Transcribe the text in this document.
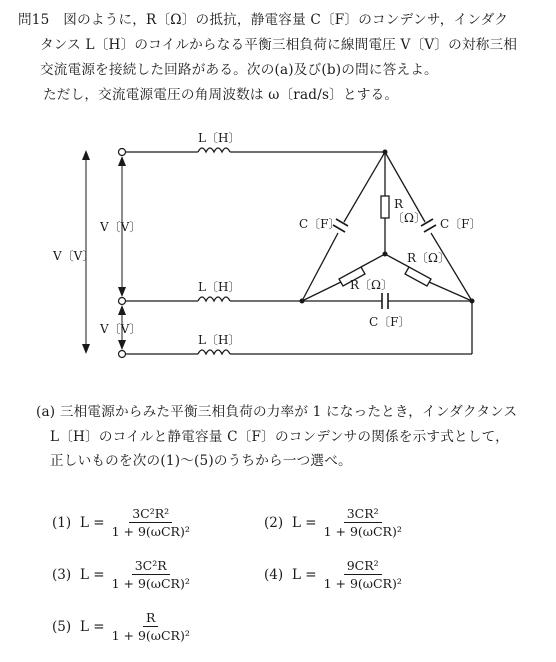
問15　図のように，R〔Ω〕の抵抗，静電容量 C〔F〕のコンデンサ，インダク
タンス L〔H〕のコイルからなる平衡三相負荷に線間電圧 V〔V〕の対称三相
交流電源を接続した回路がある。次の(a)及び(b)の問に答えよ。
ただし，交流電源電圧の角周波数は ω〔rad/s〕とする。
L〔H〕
L〔H〕
L〔H〕
V〔V〕
V〔V〕
V〔V〕
C〔F〕	C〔F〕
C〔F〕
R
〔Ω〕
R〔Ω〕
R〔Ω〕
(a) 三相電源からみた平衡三相負荷の力率が 1 になったとき，インダクタンス
L〔H〕のコイルと静電容量 C〔F〕のコンデンサの関係を示す式として，
正しいものを次の(1)～(5)のうちから一つ選べ。
(1) $L = \frac{\text{3C²R²}}{\text{1 + 9(ωCR)²}}$	(2) $L = \frac{\text{3CR²}}{\text{1 + 9(ωCR)²}}$
(3) $L = \frac{\text{3C²R}}{\text{1 + 9(ωCR)²}}$	(4) $L = \frac{\text{9CR²}}{\text{1 + 9(ωCR)²}}$
(5) $L = \frac{R}{\text{1 + 9(ωCR)²}}$
